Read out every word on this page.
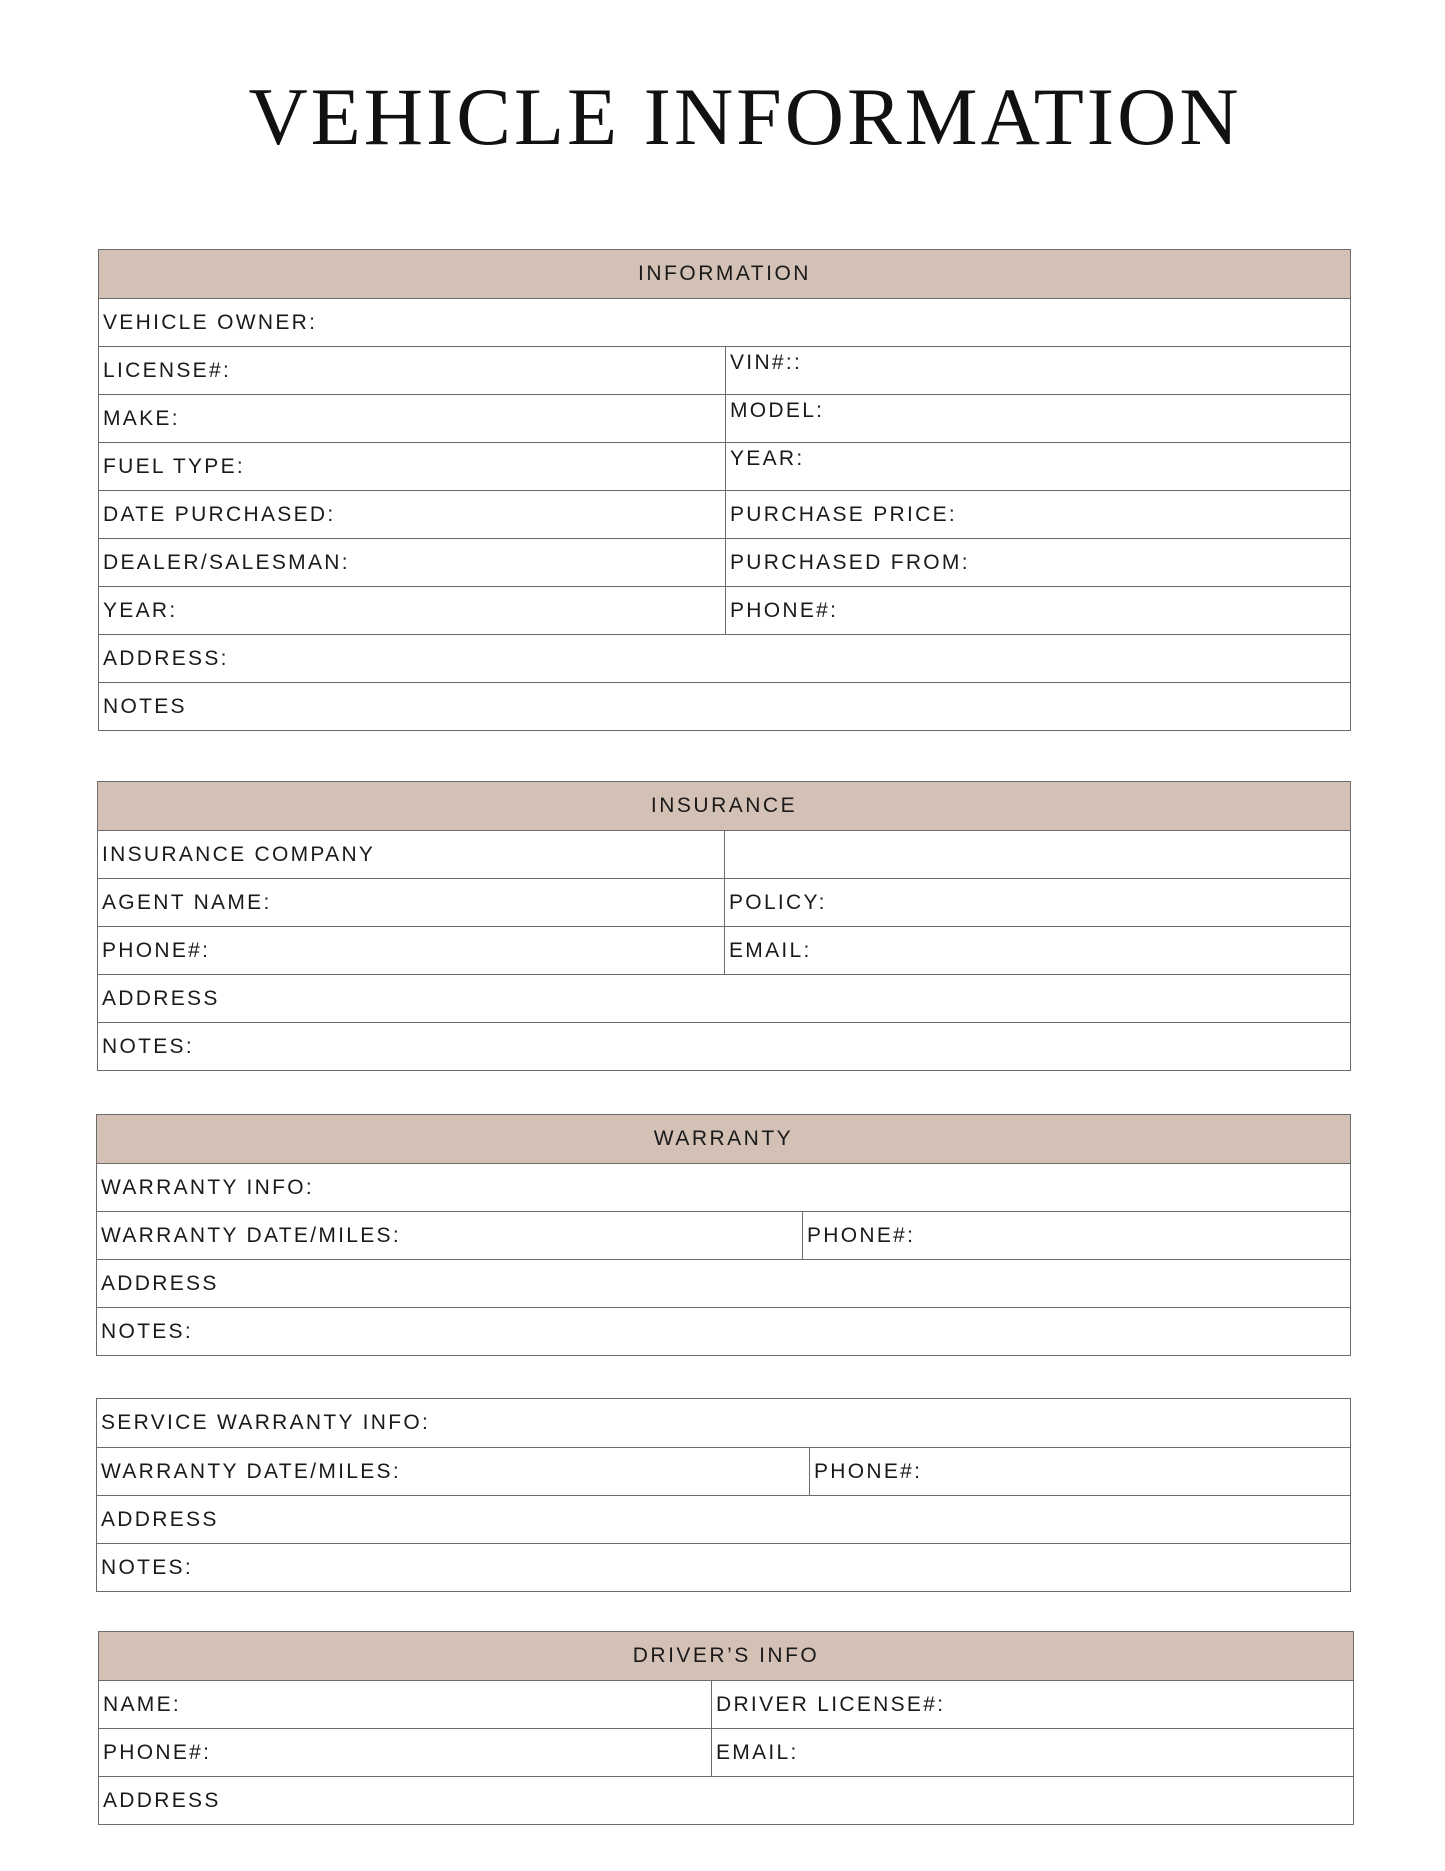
VEHICLE INFORMATION
INFORMATION
VEHICLE OWNER:
LICENSE#:	VIN#::
MAKE:	MODEL:
FUEL TYPE:	YEAR:
DATE PURCHASED:	PURCHASE PRICE:
DEALER/SALESMAN:	PURCHASED FROM:
YEAR:	PHONE#:
ADDRESS:
NOTES
INSURANCE
INSURANCE COMPANY
AGENT NAME:	POLICY:
PHONE#:	EMAIL:
ADDRESS
NOTES:
WARRANTY
WARRANTY INFO:
WARRANTY DATE/MILES:	PHONE#:
ADDRESS
NOTES:
SERVICE WARRANTY INFO:
WARRANTY DATE/MILES:	PHONE#:
ADDRESS
NOTES:
DRIVER’S INFO
NAME:	DRIVER LICENSE#:
PHONE#:	EMAIL:
ADDRESS
